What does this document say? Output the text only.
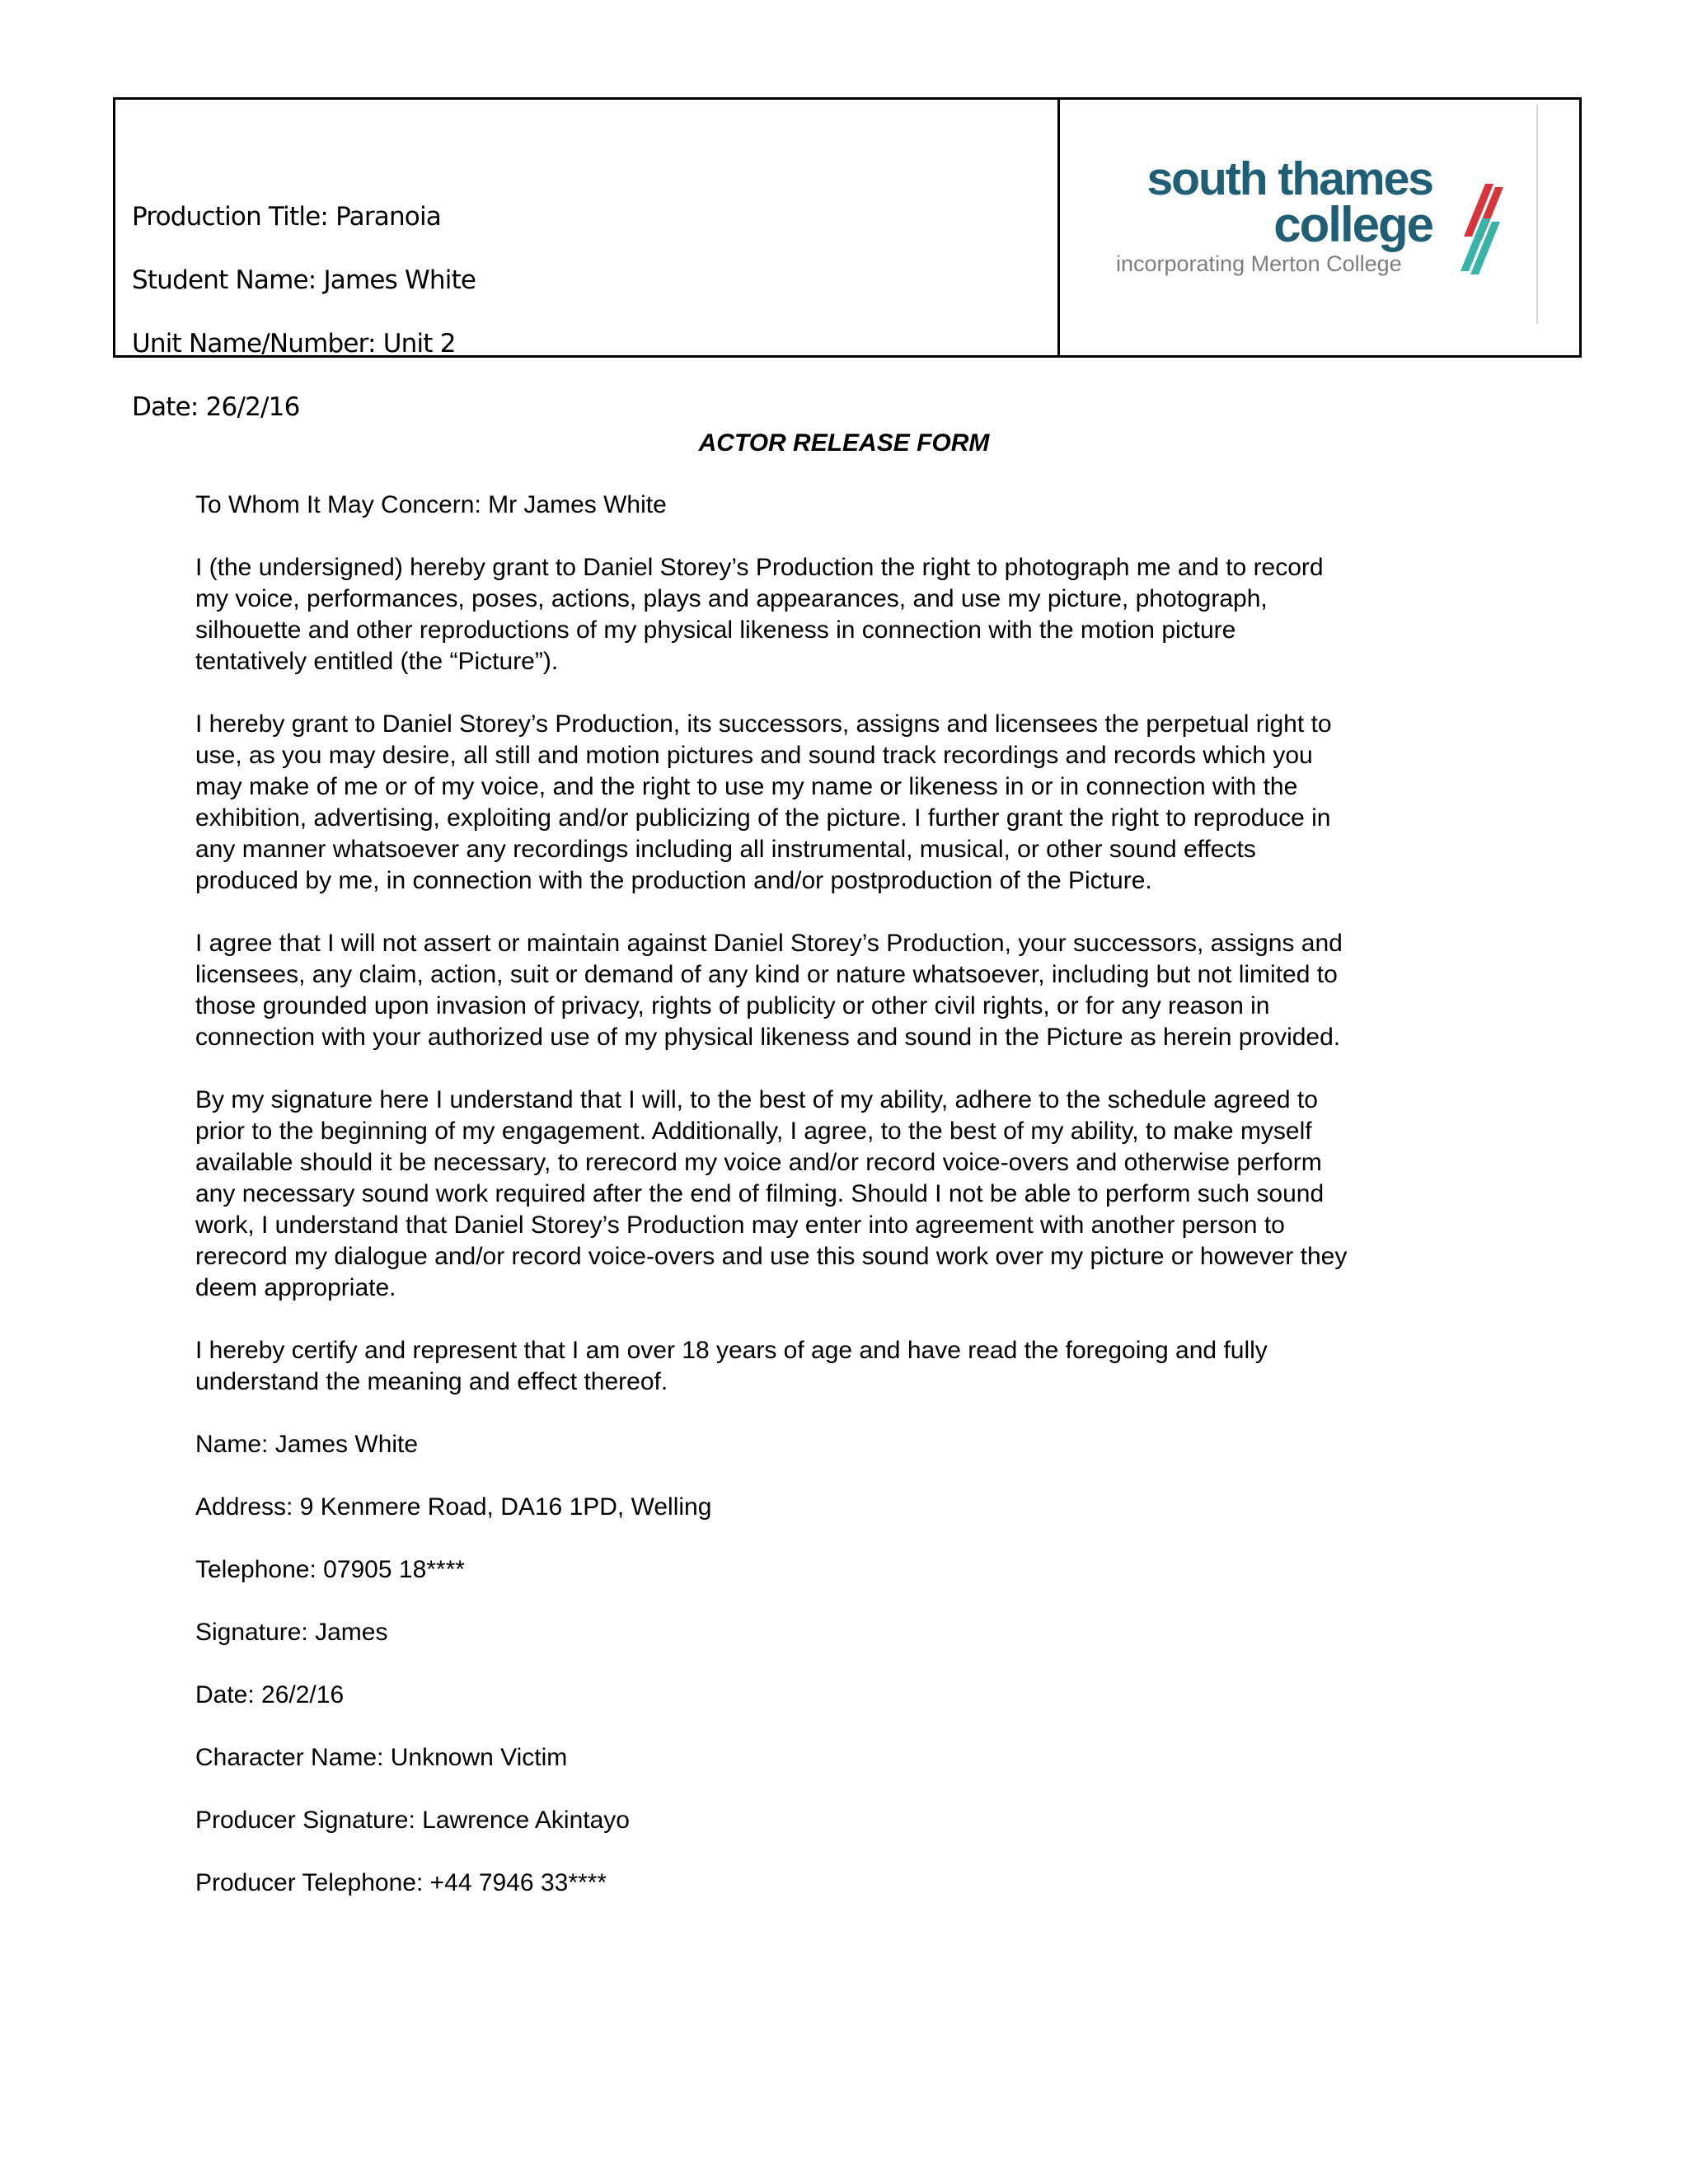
Production Title: Paranoia
Student Name: James White
Unit Name/Number: Unit 2
Date: 26/2/16
south thames
college
incorporating Merton College
ACTOR RELEASE FORM
To Whom It May Concern: Mr James White
I (the undersigned) hereby grant to Daniel Storey’s Production the right to photograph me and to record
my voice, performances, poses, actions, plays and appearances, and use my picture, photograph,
silhouette and other reproductions of my physical likeness in connection with the motion picture
tentatively entitled (the “Picture”).
I hereby grant to Daniel Storey’s Production, its successors, assigns and licensees the perpetual right to
use, as you may desire, all still and motion pictures and sound track recordings and records which you
may make of me or of my voice, and the right to use my name or likeness in or in connection with the
exhibition, advertising, exploiting and/or publicizing of the picture. I further grant the right to reproduce in
any manner whatsoever any recordings including all instrumental, musical, or other sound effects
produced by me, in connection with the production and/or postproduction of the Picture.
I agree that I will not assert or maintain against Daniel Storey’s Production, your successors, assigns and
licensees, any claim, action, suit or demand of any kind or nature whatsoever, including but not limited to
those grounded upon invasion of privacy, rights of publicity or other civil rights, or for any reason in
connection with your authorized use of my physical likeness and sound in the Picture as herein provided.
By my signature here I understand that I will, to the best of my ability, adhere to the schedule agreed to
prior to the beginning of my engagement. Additionally, I agree, to the best of my ability, to make myself
available should it be necessary, to rerecord my voice and/or record voice-overs and otherwise perform
any necessary sound work required after the end of filming. Should I not be able to perform such sound
work, I understand that Daniel Storey’s Production may enter into agreement with another person to
rerecord my dialogue and/or record voice-overs and use this sound work over my picture or however they
deem appropriate.
I hereby certify and represent that I am over 18 years of age and have read the foregoing and fully
understand the meaning and effect thereof.
Name: James White
Address: 9 Kenmere Road, DA16 1PD, Welling
Telephone: 07905 18****
Signature: James
Date: 26/2/16
Character Name: Unknown Victim
Producer Signature: Lawrence Akintayo
Producer Telephone: +44 7946 33****
